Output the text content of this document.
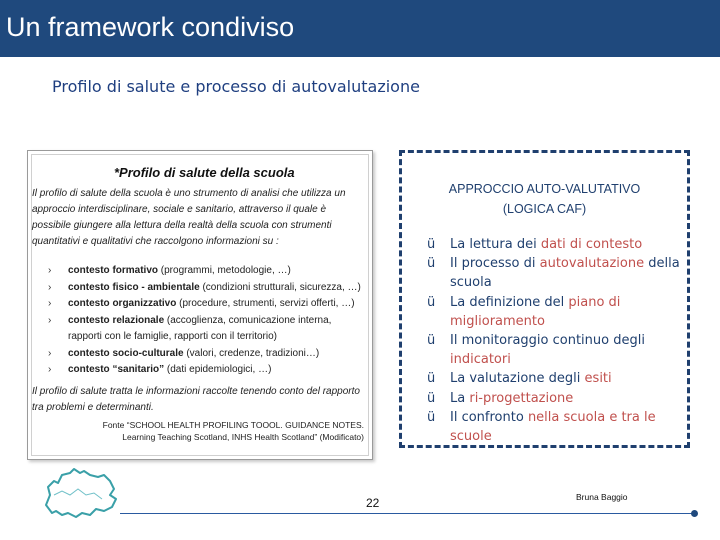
Un framework condiviso
Profilo di salute e processo di autovalutazione
*Profilo di salute della scuola
Il profilo di salute della scuola è uno strumento di analisi che utilizza un approccio interdisciplinare, sociale e sanitario, attraverso il quale è possibile giungere alla lettura della realtà della scuola con strumenti quantitativi e qualitativi che raccolgono informazioni su :
› contesto formativo (programmi, metodologie, …)
› contesto fisico - ambientale (condizioni strutturali, sicurezza, …)
› contesto organizzativo (procedure, strumenti, servizi offerti, …)
› contesto relazionale (accoglienza, comunicazione interna, rapporti con le famiglie, rapporti con il territorio)
› contesto socio-culturale (valori, credenze, tradizioni…)
› contesto “sanitario” (dati epidemiologici, …)
Il profilo di salute tratta le informazioni raccolte tenendo conto del rapporto tra problemi e determinanti.
Fonte “SCHOOL HEALTH PROFILING TOOOL. GUIDANCE NOTES.
Learning Teaching Scotland, INHS Health Scotland” (Modificato)
APPROCCIO AUTO-VALUTATIVO
(LOGICA CAF)
ü La lettura dei dati di contesto
ü Il processo di autovalutazione della scuola
ü La definizione del piano di miglioramento
ü Il monitoraggio continuo degli indicatori
ü La valutazione degli esiti
ü La ri-progettazione
ü Il confronto nella scuola e tra le scuole
22	Bruna Baggio
